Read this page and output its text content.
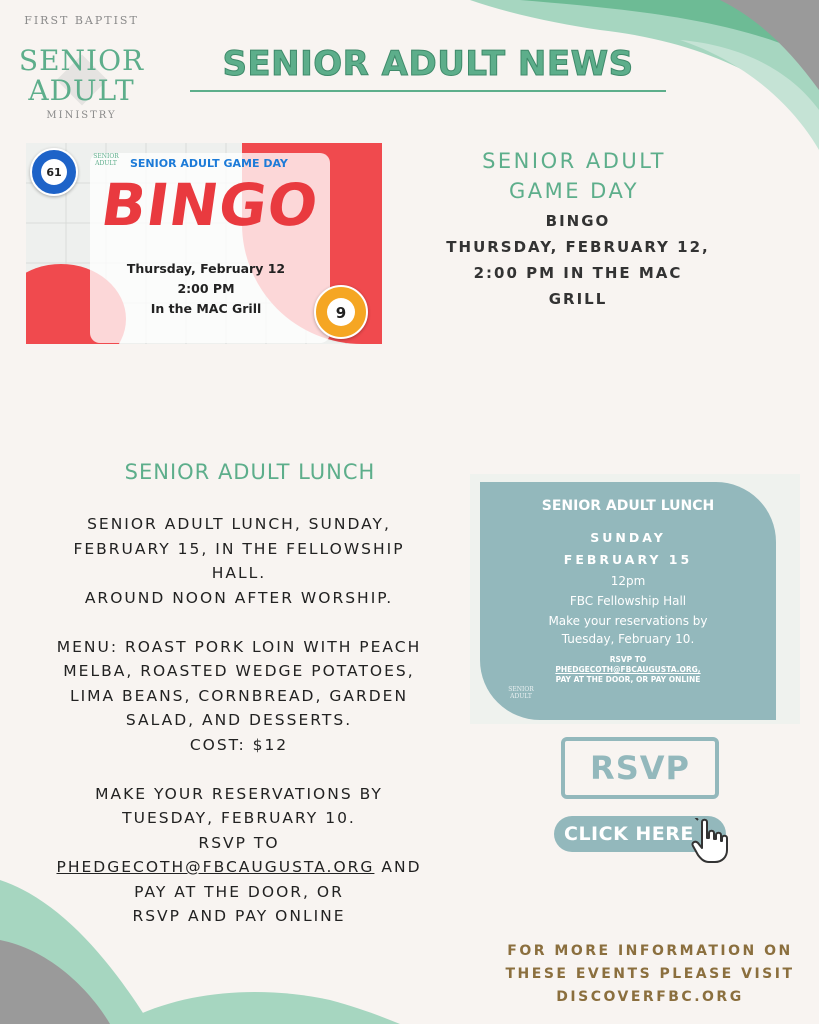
FIRST BAPTIST
SENIOR
ADULT
MINISTRY
SENIOR ADULT NEWS
SENIOR
ADULT SENIOR ADULT GAME DAY
BINGO
Thursday, February 12
2:00 PM
In the MAC Grill
61
9
SENIOR ADULT
GAME DAY
BINGO
THURSDAY, FEBRUARY 12,
2:00 PM IN THE MAC
GRILL
SENIOR ADULT LUNCH
SENIOR ADULT LUNCH, SUNDAY,
FEBRUARY 15, IN THE FELLOWSHIP
HALL.
AROUND NOON AFTER WORSHIP.
MENU: ROAST PORK LOIN WITH PEACH
MELBA, ROASTED WEDGE POTATOES,
LIMA BEANS, CORNBREAD, GARDEN
SALAD, AND DESSERTS.
COST: $12
MAKE YOUR RESERVATIONS BY
TUESDAY, FEBRUARY 10.
RSVP TO
PHEDGECOTH@FBCAUGUSTA.ORG AND
PAY AT THE DOOR, OR
RSVP AND PAY ONLINE
SENIOR ADULT LUNCH
SUNDAY
FEBRUARY 15
12pm
FBC Fellowship Hall
Make your reservations by
Tuesday, February 10.
RSVP TO
PHEDGECOTH@FBCAUGUSTA.ORG,
PAY AT THE DOOR, OR PAY ONLINE
SENIOR
ADULT
RSVP
CLICK HERE
FOR MORE INFORMATION ON
THESE EVENTS PLEASE VISIT
DISCOVERFBC.ORG
